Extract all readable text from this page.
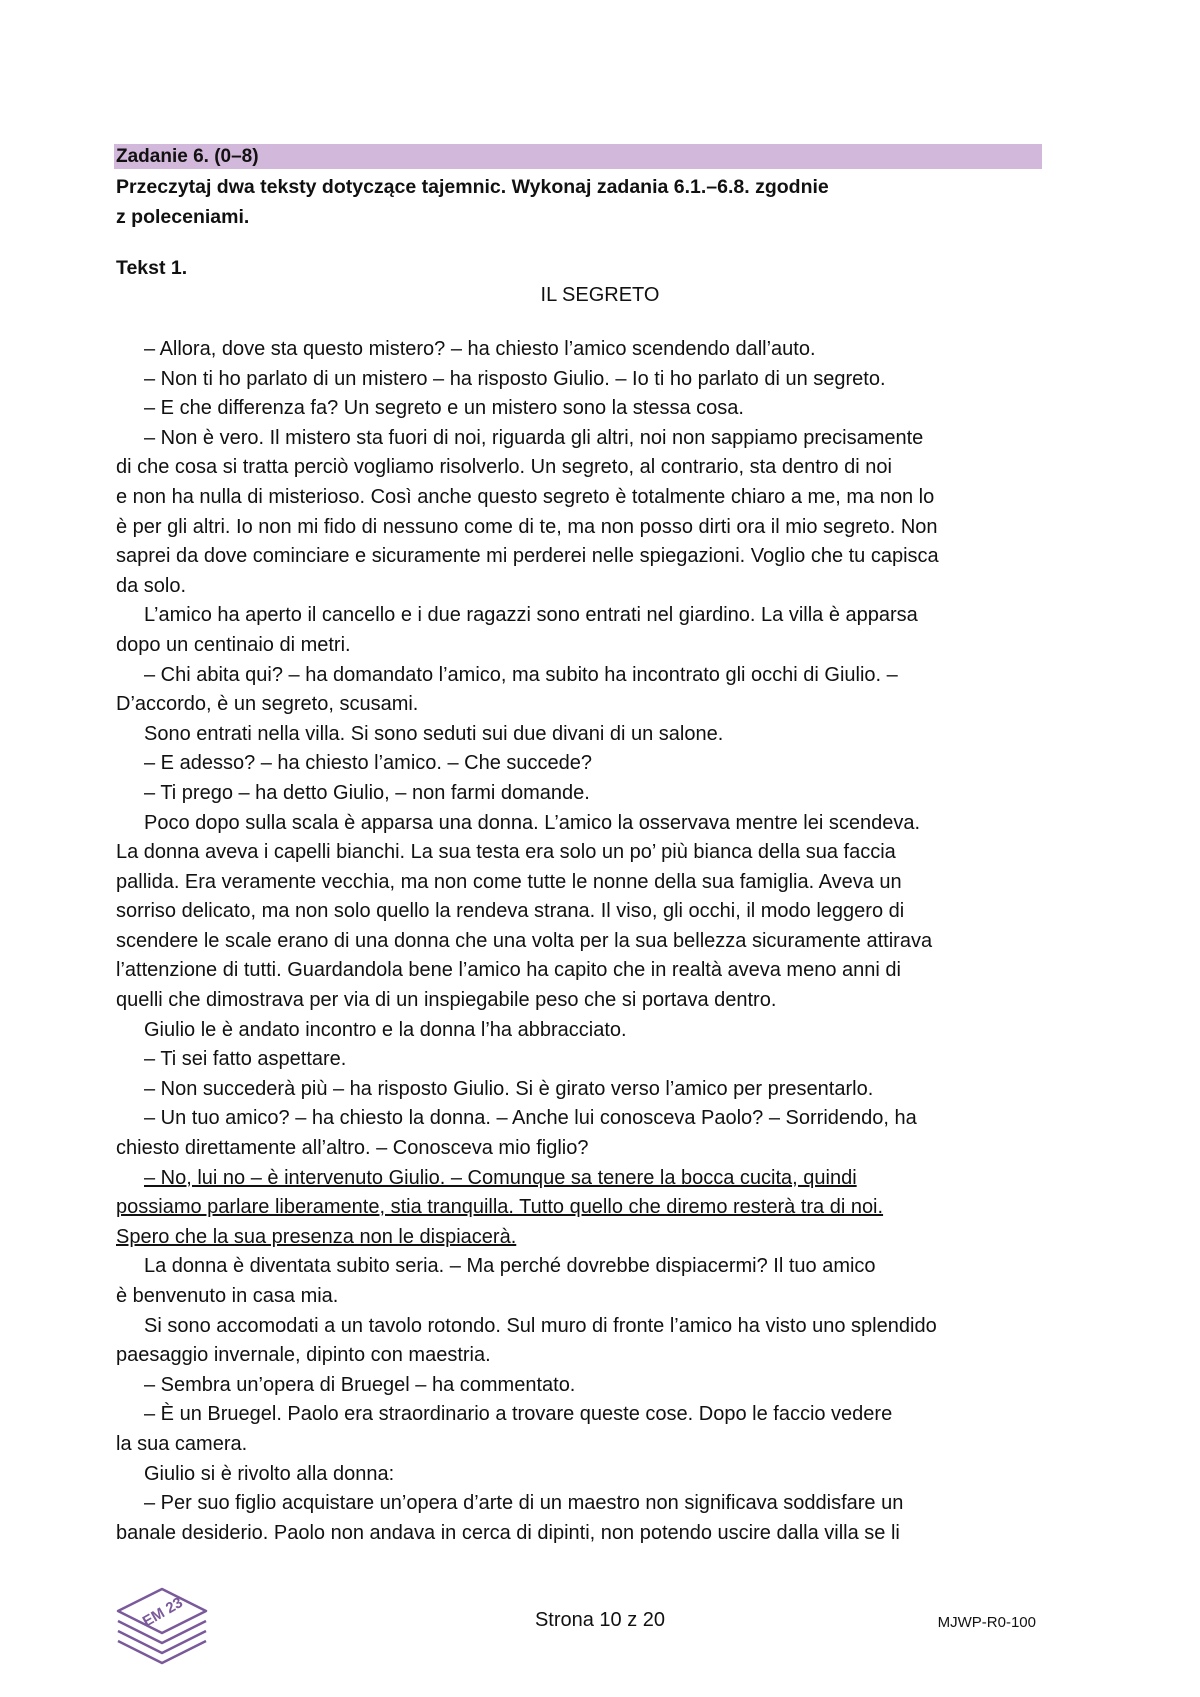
Zadanie 6. (0–8)
Przeczytaj dwa teksty dotyczące tajemnic. Wykonaj zadania 6.1.–6.8. zgodnie
z poleceniami.
Tekst 1.
IL SEGRETO
– Allora, dove sta questo mistero? – ha chiesto l’amico scendendo dall’auto.
– Non ti ho parlato di un mistero – ha risposto Giulio. – Io ti ho parlato di un segreto.
– E che differenza fa? Un segreto e un mistero sono la stessa cosa.
– Non è vero. Il mistero sta fuori di noi, riguarda gli altri, noi non sappiamo precisamente
di che cosa si tratta perciò vogliamo risolverlo. Un segreto, al contrario, sta dentro di noi
e non ha nulla di misterioso. Così anche questo segreto è totalmente chiaro a me, ma non lo
è per gli altri. Io non mi fido di nessuno come di te, ma non posso dirti ora il mio segreto. Non
saprei da dove cominciare e sicuramente mi perderei nelle spiegazioni. Voglio che tu capisca
da solo.
L’amico ha aperto il cancello e i due ragazzi sono entrati nel giardino. La villa è apparsa
dopo un centinaio di metri.
– Chi abita qui? – ha domandato l’amico, ma subito ha incontrato gli occhi di Giulio. –
D’accordo, è un segreto, scusami.
Sono entrati nella villa. Si sono seduti sui due divani di un salone.
– E adesso? – ha chiesto l’amico. – Che succede?
– Ti prego – ha detto Giulio, – non farmi domande.
Poco dopo sulla scala è apparsa una donna. L’amico la osservava mentre lei scendeva.
La donna aveva i capelli bianchi. La sua testa era solo un po’ più bianca della sua faccia
pallida. Era veramente vecchia, ma non come tutte le nonne della sua famiglia. Aveva un
sorriso delicato, ma non solo quello la rendeva strana. Il viso, gli occhi, il modo leggero di
scendere le scale erano di una donna che una volta per la sua bellezza sicuramente attirava
l’attenzione di tutti. Guardandola bene l’amico ha capito che in realtà aveva meno anni di
quelli che dimostrava per via di un inspiegabile peso che si portava dentro.
Giulio le è andato incontro e la donna l’ha abbracciato.
– Ti sei fatto aspettare.
– Non succederà più – ha risposto Giulio. Si è girato verso l’amico per presentarlo.
– Un tuo amico? – ha chiesto la donna. – Anche lui conosceva Paolo? – Sorridendo, ha
chiesto direttamente all’altro. – Conosceva mio figlio?
– No, lui no – è intervenuto Giulio. – Comunque sa tenere la bocca cucita, quindi
possiamo parlare liberamente, stia tranquilla. Tutto quello che diremo resterà tra di noi.
Spero che la sua presenza non le dispiacerà.
La donna è diventata subito seria. – Ma perché dovrebbe dispiacermi? Il tuo amico
è benvenuto in casa mia.
Si sono accomodati a un tavolo rotondo. Sul muro di fronte l’amico ha visto uno splendido
paesaggio invernale, dipinto con maestria.
– Sembra un’opera di Bruegel – ha commentato.
– È un Bruegel. Paolo era straordinario a trovare queste cose. Dopo le faccio vedere
la sua camera.
Giulio si è rivolto alla donna:
– Per suo figlio acquistare un’opera d’arte di un maestro non significava soddisfare un
banale desiderio. Paolo non andava in cerca di dipinti, non potendo uscire dalla villa se li
EM 23	Strona 10 z 20	MJWP-R0-100
